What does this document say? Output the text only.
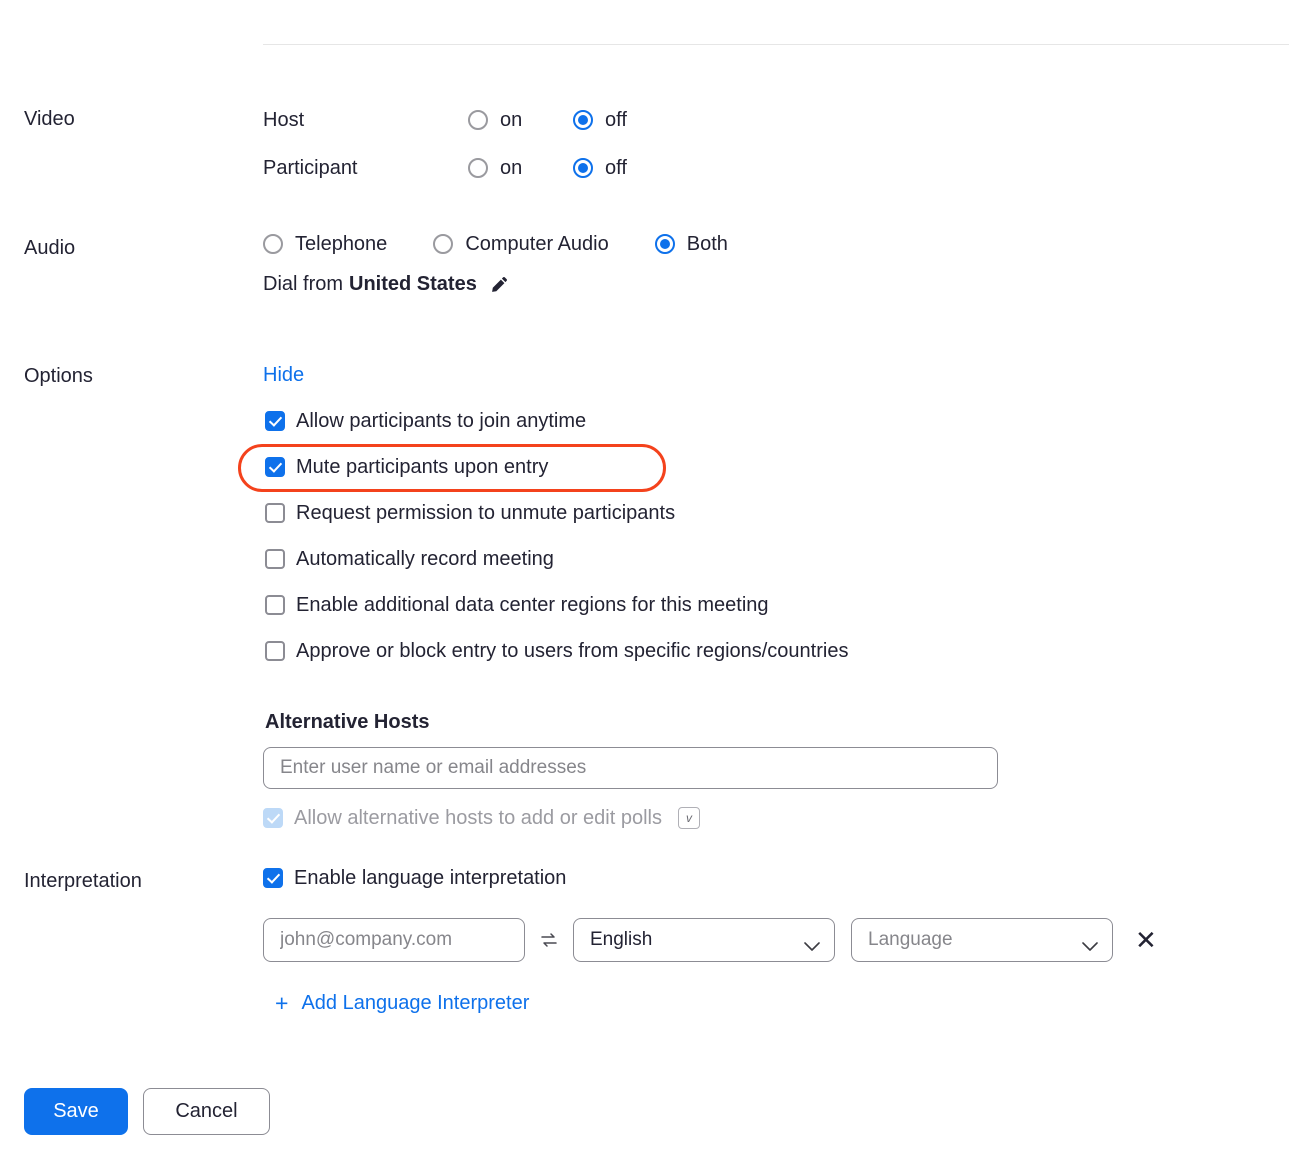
Video	Host	on	off
Participant	on	off
Audio	Telephone	Computer Audio	Both
Dial from United States
Options	Hide
Allow participants to join anytime
Mute participants upon entry
Request permission to unmute participants
Automatically record meeting
Enable additional data center regions for this meeting
Approve or block entry to users from specific regions/countries
Alternative Hosts
Enter user name or email addresses
Allow alternative hosts to add or edit polls	v
Interpretation	Enable language interpretation
john@company.com
English	Language	✕
+ Add Language Interpreter
Save	Cancel
